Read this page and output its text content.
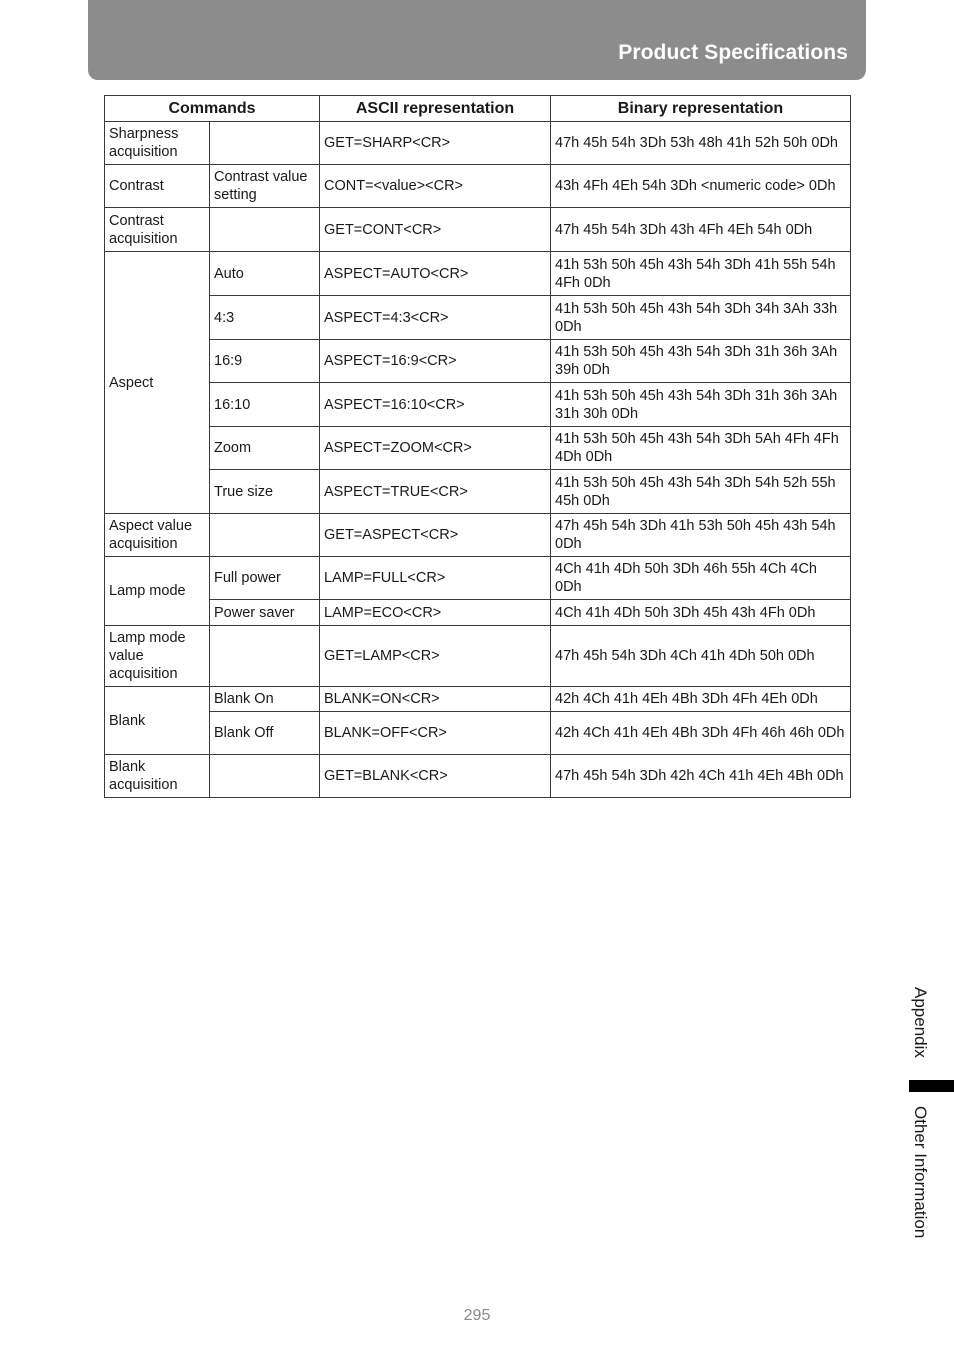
Product Specifications
Commands		ASCII representation	Binary representation
Sharpness acquisition		GET=SHARP<CR>	47h 45h 54h 3Dh 53h 48h 41h 52h 50h 0Dh
Contrast	Contrast value setting	CONT=<value><CR>	43h 4Fh 4Eh 54h 3Dh <numeric code> 0Dh
Contrast acquisition		GET=CONT<CR>	47h 45h 54h 3Dh 43h 4Fh 4Eh 54h 0Dh
Aspect	Auto	ASPECT=AUTO<CR>	41h 53h 50h 45h 43h 54h 3Dh 41h 55h 54h 4Fh 0Dh
	4:3	ASPECT=4:3<CR>	41h 53h 50h 45h 43h 54h 3Dh 34h 3Ah 33h 0Dh
	16:9	ASPECT=16:9<CR>	41h 53h 50h 45h 43h 54h 3Dh 31h 36h 3Ah 39h 0Dh
	16:10	ASPECT=16:10<CR>	41h 53h 50h 45h 43h 54h 3Dh 31h 36h 3Ah 31h 30h 0Dh
	Zoom	ASPECT=ZOOM<CR>	41h 53h 50h 45h 43h 54h 3Dh 5Ah 4Fh 4Fh 4Dh 0Dh
	True size	ASPECT=TRUE<CR>	41h 53h 50h 45h 43h 54h 3Dh 54h 52h 55h 45h 0Dh
Aspect value acquisition		GET=ASPECT<CR>	47h 45h 54h 3Dh 41h 53h 50h 45h 43h 54h 0Dh
Lamp mode	Full power	LAMP=FULL<CR>	4Ch 41h 4Dh 50h 3Dh 46h 55h 4Ch 4Ch 0Dh
	Power saver	LAMP=ECO<CR>	4Ch 41h 4Dh 50h 3Dh 45h 43h 4Fh 0Dh
Lamp mode value acquisition		GET=LAMP<CR>	47h 45h 54h 3Dh 4Ch 41h 4Dh 50h 0Dh
Blank	Blank On	BLANK=ON<CR>	42h 4Ch 41h 4Eh 4Bh 3Dh 4Fh 4Eh 0Dh
	Blank Off	BLANK=OFF<CR>	42h 4Ch 41h 4Eh 4Bh 3Dh 4Fh 46h 46h 0Dh
Blank acquisition		GET=BLANK<CR>	47h 45h 54h 3Dh 42h 4Ch 41h 4Eh 4Bh 0Dh
Appendix
Other Information
295
